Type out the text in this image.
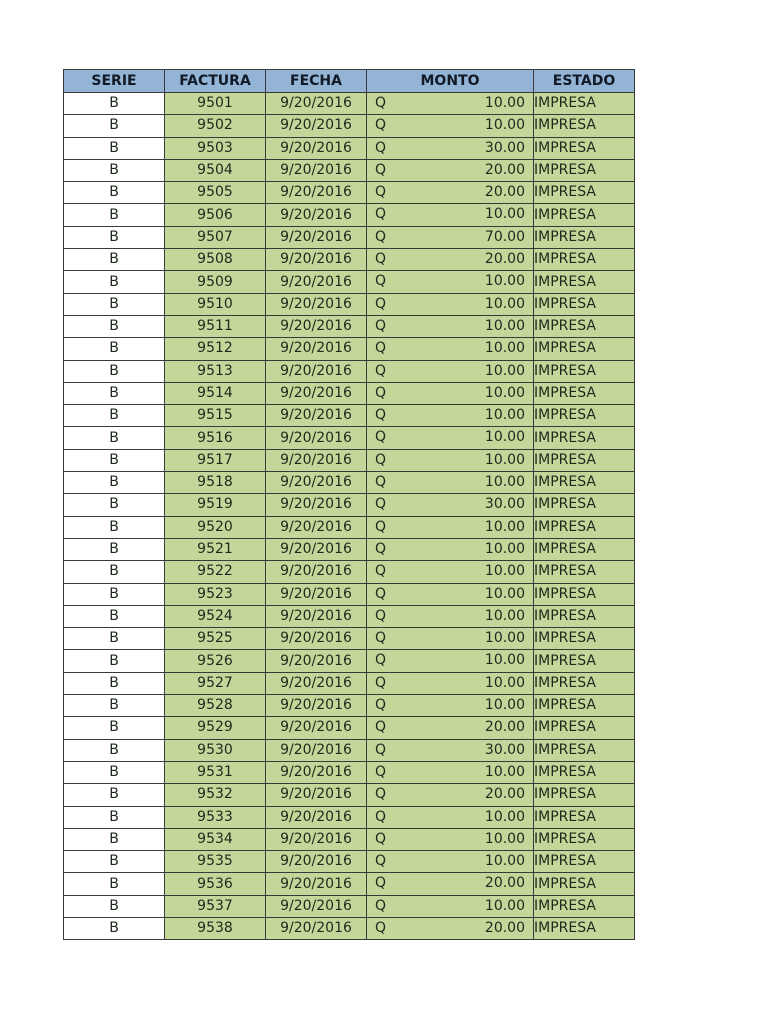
SERIE	FACTURA	FECHA	MONTO	ESTADO
B	9501	9/20/2016	Q 10.00	IMPRESA
B	9502	9/20/2016	Q 10.00	IMPRESA
B	9503	9/20/2016	Q 30.00	IMPRESA
B	9504	9/20/2016	Q 20.00	IMPRESA
B	9505	9/20/2016	Q 20.00	IMPRESA
B	9506	9/20/2016	Q 10.00	IMPRESA
B	9507	9/20/2016	Q 70.00	IMPRESA
B	9508	9/20/2016	Q 20.00	IMPRESA
B	9509	9/20/2016	Q 10.00	IMPRESA
B	9510	9/20/2016	Q 10.00	IMPRESA
B	9511	9/20/2016	Q 10.00	IMPRESA
B	9512	9/20/2016	Q 10.00	IMPRESA
B	9513	9/20/2016	Q 10.00	IMPRESA
B	9514	9/20/2016	Q 10.00	IMPRESA
B	9515	9/20/2016	Q 10.00	IMPRESA
B	9516	9/20/2016	Q 10.00	IMPRESA
B	9517	9/20/2016	Q 10.00	IMPRESA
B	9518	9/20/2016	Q 10.00	IMPRESA
B	9519	9/20/2016	Q 30.00	IMPRESA
B	9520	9/20/2016	Q 10.00	IMPRESA
B	9521	9/20/2016	Q 10.00	IMPRESA
B	9522	9/20/2016	Q 10.00	IMPRESA
B	9523	9/20/2016	Q 10.00	IMPRESA
B	9524	9/20/2016	Q 10.00	IMPRESA
B	9525	9/20/2016	Q 10.00	IMPRESA
B	9526	9/20/2016	Q 10.00	IMPRESA
B	9527	9/20/2016	Q 10.00	IMPRESA
B	9528	9/20/2016	Q 10.00	IMPRESA
B	9529	9/20/2016	Q 20.00	IMPRESA
B	9530	9/20/2016	Q 30.00	IMPRESA
B	9531	9/20/2016	Q 10.00	IMPRESA
B	9532	9/20/2016	Q 20.00	IMPRESA
B	9533	9/20/2016	Q 10.00	IMPRESA
B	9534	9/20/2016	Q 10.00	IMPRESA
B	9535	9/20/2016	Q 10.00	IMPRESA
B	9536	9/20/2016	Q 20.00	IMPRESA
B	9537	9/20/2016	Q 10.00	IMPRESA
B	9538	9/20/2016	Q 20.00	IMPRESA
